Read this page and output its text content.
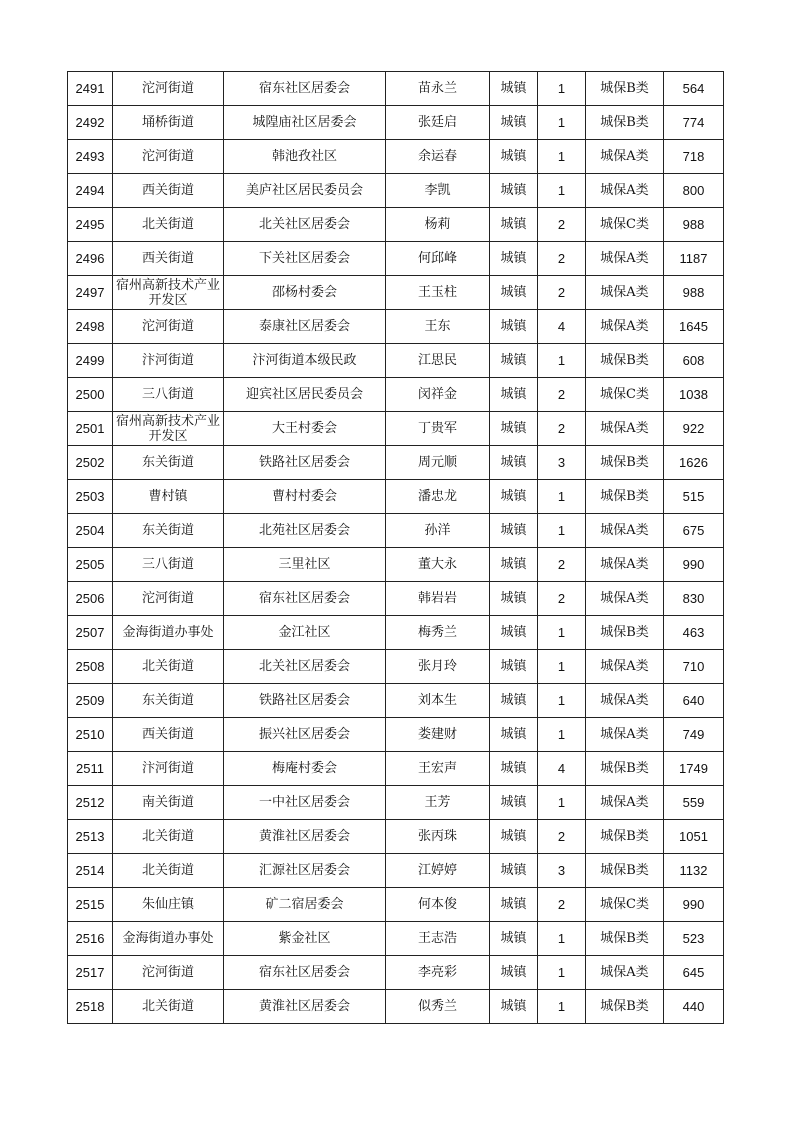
2491	沱河街道	宿东社区居委会	苗永兰	城镇	1	城保B类	564
2492	埇桥街道	城隍庙社区居委会	张廷启	城镇	1	城保B类	774
2493	沱河街道	韩池孜社区	余运春	城镇	1	城保A类	718
2494	西关街道	美庐社区居民委员会	李凯	城镇	1	城保A类	800
2495	北关街道	北关社区居委会	杨莉	城镇	2	城保C类	988
2496	西关街道	下关社区居委会	何邱峰	城镇	2	城保A类	1187
2497	宿州高新技术产业开发区	邵杨村委会	王玉柱	城镇	2	城保A类	988
2498	沱河街道	泰康社区居委会	王东	城镇	4	城保A类	1645
2499	汴河街道	汴河街道本级民政	江思民	城镇	1	城保B类	608
2500	三八街道	迎宾社区居民委员会	闵祥金	城镇	2	城保C类	1038
2501	宿州高新技术产业开发区	大王村委会	丁贵军	城镇	2	城保A类	922
2502	东关街道	铁路社区居委会	周元顺	城镇	3	城保B类	1626
2503	曹村镇	曹村村委会	潘忠龙	城镇	1	城保B类	515
2504	东关街道	北苑社区居委会	孙洋	城镇	1	城保A类	675
2505	三八街道	三里社区	董大永	城镇	2	城保A类	990
2506	沱河街道	宿东社区居委会	韩岩岩	城镇	2	城保A类	830
2507	金海街道办事处	金江社区	梅秀兰	城镇	1	城保B类	463
2508	北关街道	北关社区居委会	张月玲	城镇	1	城保A类	710
2509	东关街道	铁路社区居委会	刘本生	城镇	1	城保A类	640
2510	西关街道	振兴社区居委会	娄建财	城镇	1	城保A类	749
2511	汴河街道	梅庵村委会	王宏声	城镇	4	城保B类	1749
2512	南关街道	一中社区居委会	王芳	城镇	1	城保A类	559
2513	北关街道	黄淮社区居委会	张丙珠	城镇	2	城保B类	1051
2514	北关街道	汇源社区居委会	江婷婷	城镇	3	城保B类	1132
2515	朱仙庄镇	矿二宿居委会	何本俊	城镇	2	城保C类	990
2516	金海街道办事处	紫金社区	王志浩	城镇	1	城保B类	523
2517	沱河街道	宿东社区居委会	李亮彩	城镇	1	城保A类	645
2518	北关街道	黄淮社区居委会	似秀兰	城镇	1	城保B类	440
